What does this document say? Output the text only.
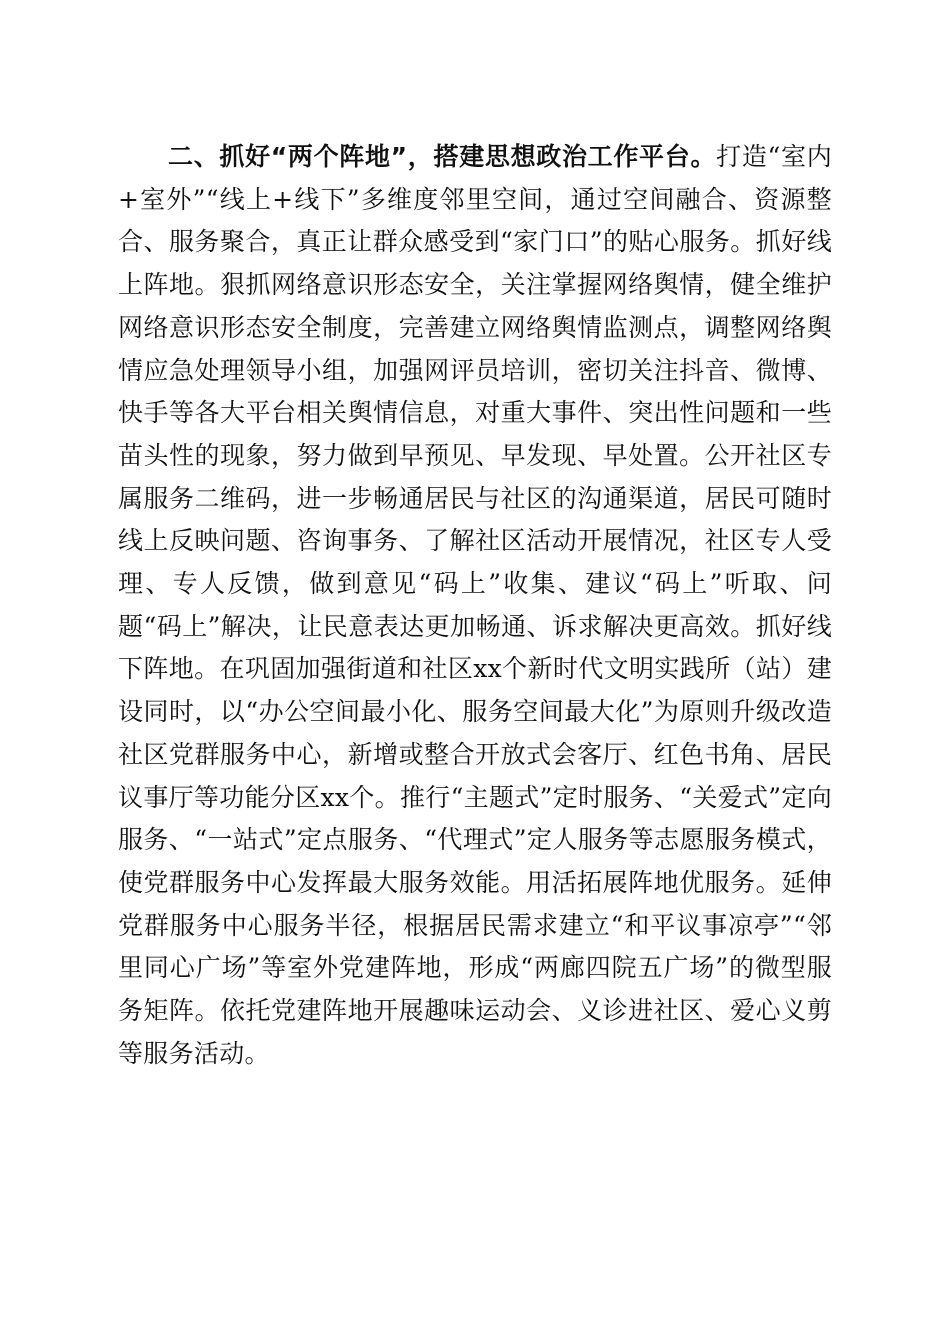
二、抓好“两个阵地”，搭建思想政治工作平台。打造“室内+室外”“线上+线下”多维度邻里空间，通过空间融合、资源整合、服务聚合，真正让群众感受到“家门口”的贴心服务。抓好线上阵地。狠抓网络意识形态安全，关注掌握网络舆情，健全维护网络意识形态安全制度，完善建立网络舆情监测点，调整网络舆情应急处理领导小组，加强网评员培训，密切关注抖音、微博、快手等各大平台相关舆情信息，对重大事件、突出性问题和一些苗头性的现象，努力做到早预见、早发现、早处置。公开社区专属服务二维码，进一步畅通居民与社区的沟通渠道，居民可随时线上反映问题、咨询事务、了解社区活动开展情况，社区专人受理、专人反馈，做到意见“码上”收集、建议“码上”听取、问题“码上”解决，让民意表达更加畅通、诉求解决更高效。抓好线下阵地。在巩固加强街道和社区xx个新时代文明实践所（站）建设同时，以“办公空间最小化、服务空间最大化”为原则升级改造社区党群服务中心，新增或整合开放式会客厅、红色书角、居民议事厅等功能分区xx个。推行“主题式”定时服务、“关爱式”定向服务、“一站式”定点服务、“代理式”定人服务等志愿服务模式，使党群服务中心发挥最大服务效能。用活拓展阵地优服务。延伸党群服务中心服务半径，根据居民需求建立“和平议事凉亭”“邻里同心广场”等室外党建阵地，形成“两廊四院五广场”的微型服务矩阵。依托党建阵地开展趣味运动会、义诊进社区、爱心义剪等服务活动。
